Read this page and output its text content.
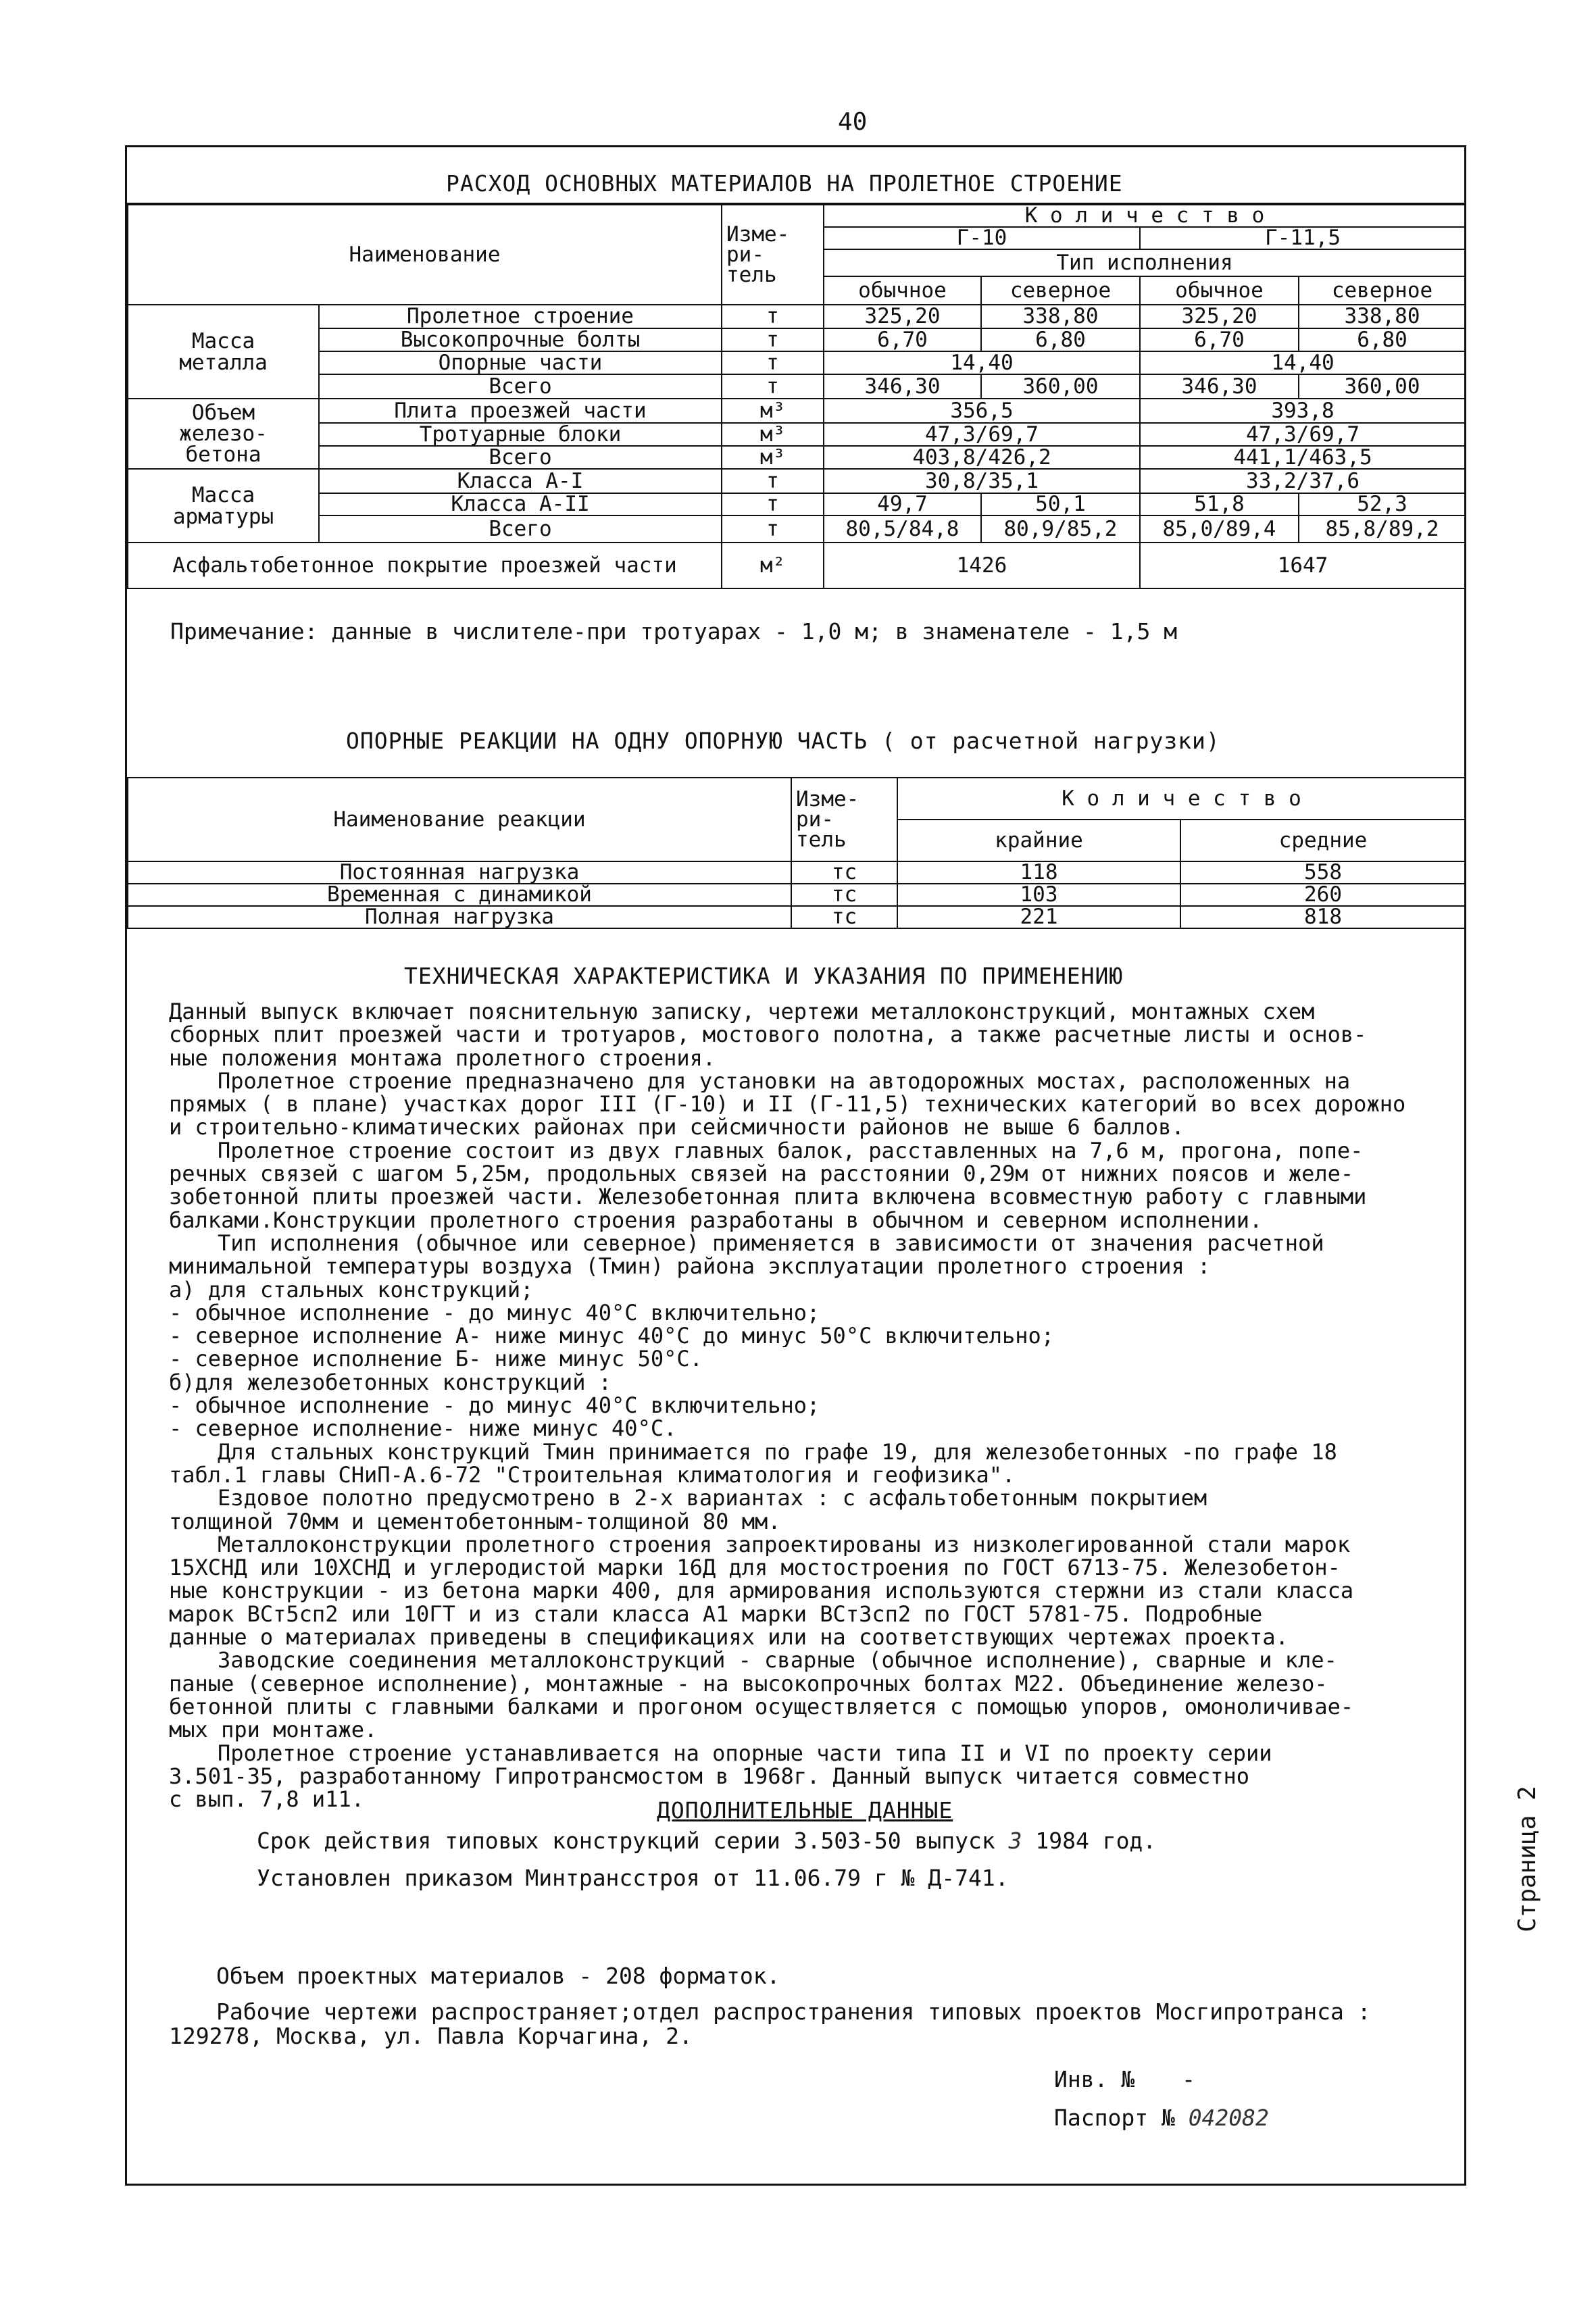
40
РАСХОД ОСНОВНЫХ МАТЕРИАЛОВ НА ПРОЛЕТНОЕ СТРОЕНИЕ
Наименование		Изме-
ри-
тель	К о л и ч е с т в о			
			Г-10		Г-11,5	
			Тип исполнения			
			обычное	северное	обычное	северное
Масса
металла	Пролетное строение	т	325,20	338,80	325,20	338,80
	Высокопрочные болты	т	6,70	6,80	6,70	6,80
	Опорные части	т	14,40		14,40	
	Всего	т	346,30	360,00	346,30	360,00
Объем
железо-
бетона	Плита проезжей части	м³	356,5		393,8	
	Тротуарные блоки	м³	47,3/69,7		47,3/69,7	
	Всего	м³	403,8/426,2		441,1/463,5	
Масса
арматуры	Класса А-I	т	30,8/35,1		33,2/37,6	
	Класса А-II	т	49,7	50,1	51,8	52,3
	Всего	т	80,5/84,8	80,9/85,2	85,0/89,4	85,8/89,2
Асфальтобетонное покрытие проезжей части		м²	1426		1647	
Примечание: данные в числителе-при тротуарах - 1,0 м; в знаменателе - 1,5 м
ОПОРНЫЕ РЕАКЦИИ НА ОДНУ ОПОРНУЮ ЧАСТЬ ( от расчетной нагрузки)
Наименование реакции	Изме-
ри-
тель	К о л и ч е с т в о	
		крайние	средние
Постоянная нагрузка	тс	118	558
Временная с динамикой	тс	103	260
Полная нагрузка	тс	221	818
ТЕХНИЧЕСКАЯ ХАРАКТЕРИСТИКА И УКАЗАНИЯ ПО ПРИМЕНЕНИЮ
Данный выпуск включает пояснительную записку, чертежи металлоконструкций, монтажных схем
сборных плит проезжей части и тротуаров, мостового полотна, а также расчетные листы и основ-
ные положения монтажа пролетного строения.
Пролетное строение предназначено для установки на автодорожных мостах, расположенных на
прямых ( в плане) участках дорог III (Г-10) и II (Г-11,5) технических категорий во всех дорожно
и строительно-климатических районах при сейсмичности районов не выше 6 баллов.
Пролетное строение состоит из двух главных балок, расставленных на 7,6 м, прогона, попе-
речных связей с шагом 5,25м, продольных связей на расстоянии 0,29м от нижних поясов и желе-
зобетонной плиты проезжей части. Железобетонная плита включена всовместную работу с главными
балками.Конструкции пролетного строения разработаны в обычном и северном исполнении.
Тип исполнения (обычное или северное) применяется в зависимости от значения расчетной
минимальной температуры воздуха (Тмин) района эксплуатации пролетного строения :
а) для стальных конструкций;
- обычное исполнение - до минус 40°С включительно;
- северное исполнение А- ниже минус 40°С до минус 50°С включительно;
- северное исполнение Б- ниже минус 50°С.
б)для железобетонных конструкций :
- обычное исполнение - до минус 40°С включительно;
- северное исполнение- ниже минус 40°С.
Для стальных конструкций Тмин принимается по графе 19, для железобетонных -по графе 18
табл.1 главы СНиП-А.6-72 "Строительная климатология и геофизика".
Ездовое полотно предусмотрено в 2-х вариантах : с асфальтобетонным покрытием
толщиной 70мм и цементобетонным-толщиной 80 мм.
Металлоконструкции пролетного строения запроектированы из низколегированной стали марок
15ХСНД или 10ХСНД и углеродистой марки 16Д для мостостроения по ГОСТ 6713-75. Железобетон-
ные конструкции - из бетона марки 400, для армирования используются стержни из стали класса
марок ВСт5сп2 или 10ГТ и из стали класса А1 марки ВСт3сп2 по ГОСТ 5781-75. Подробные
данные о материалах приведены в спецификациях или на соответствующих чертежах проекта.
Заводские соединения металлоконструкций - сварные (обычное исполнение), сварные и кле-
паные (северное исполнение), монтажные - на высокопрочных болтах М22. Объединение железо-
бетонной плиты с главными балками и прогоном осуществляется с помощью упоров, омоноличивае-
мых при монтаже.
Пролетное строение устанавливается на опорные части типа II и VI по проекту серии
3.501-35, разработанному Гипротрансмостом в 1968г. Данный выпуск читается совместно
с вып. 7,8 и11.	ДОПОЛНИТЕЛЬНЫЕ ДАННЫЕ
Срок действия типовых конструкций серии 3.503-50 выпуск 3 1984 год.
Установлен приказом Минтрансстроя от 11.06.79 г № Д-741.
Объем проектных материалов - 208 форматок.
Рабочие чертежи распространяет;отдел распространения типовых проектов Мосгипротранса :
129278, Москва, ул. Павла Корчагина, 2.
Инв. № -
Паспорт № 042082
Страница 2
